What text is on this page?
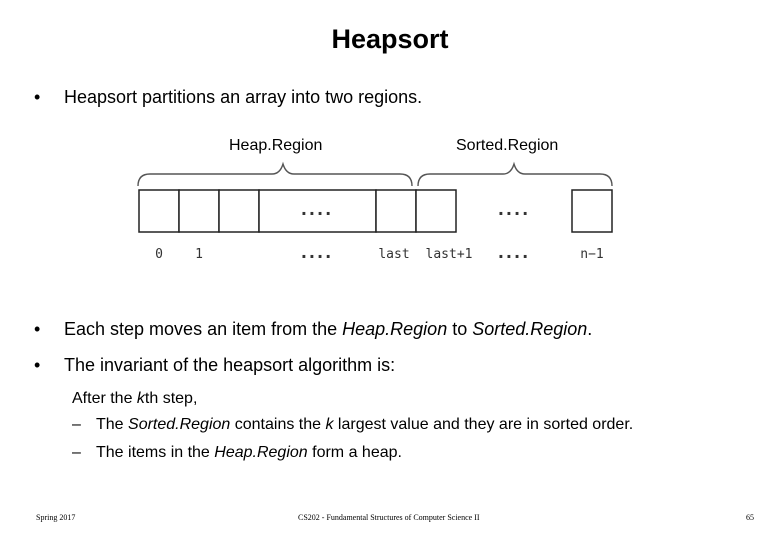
Heapsort
• Heapsort partitions an array into two regions.
Heap.Region	Sorted.Region
....	....
....	....
0 1	last last+1	n−1
• Each step moves an item from the Heap.Region to Sorted.Region.
• The invariant of the heapsort algorithm is:
After the kth step,
– The Sorted.Region contains the k largest value and they are in sorted order.
– The items in the Heap.Region form a heap.
Spring 2017	CS202 - Fundamental Structures of Computer Science II	65
